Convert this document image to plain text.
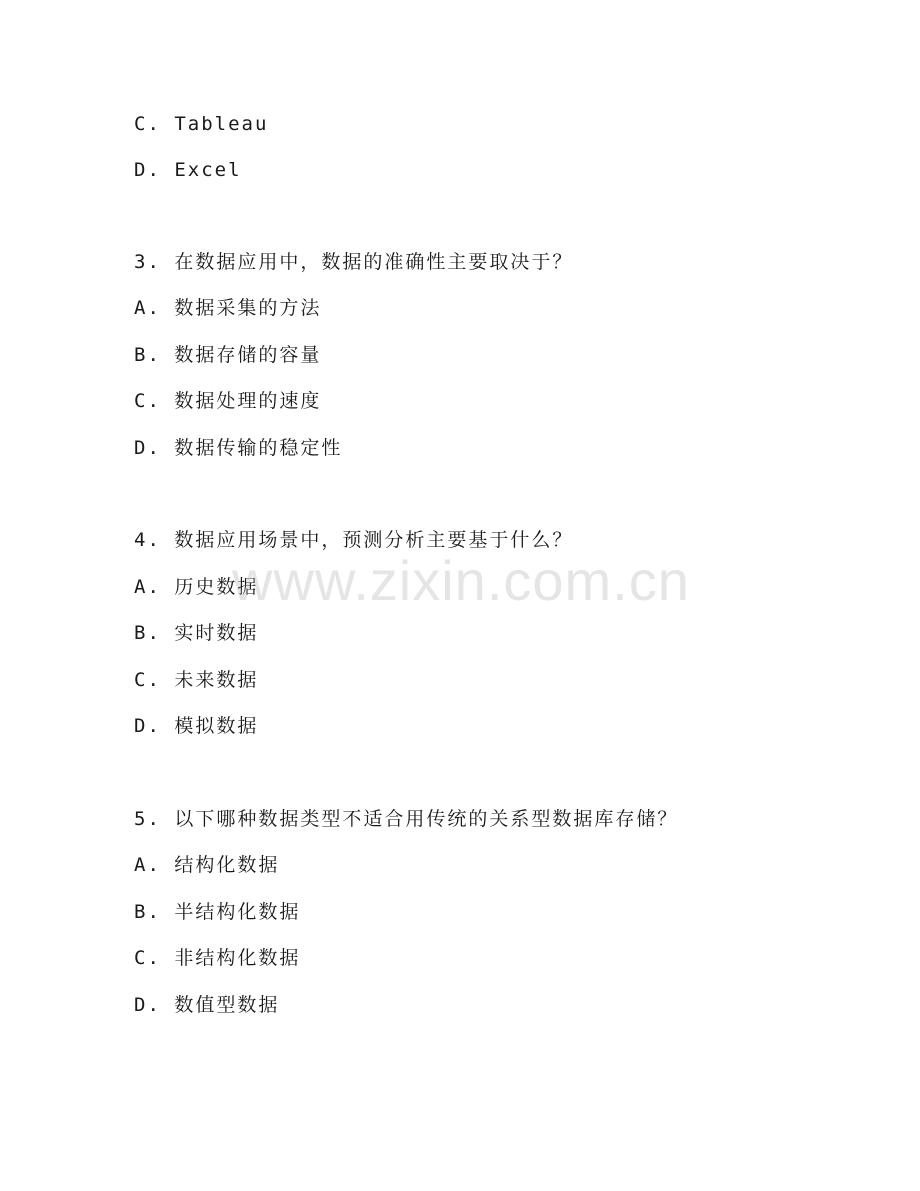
C. Tableau
D. Excel
3. 在数据应用中，数据的准确性主要取决于？
A. 数据采集的方法
B. 数据存储的容量
C. 数据处理的速度
D. 数据传输的稳定性
4. 数据应用场景中，预测分析主要基于什么？
A. 历史数据
B. 实时数据
C. 未来数据
D. 模拟数据
5. 以下哪种数据类型不适合用传统的关系型数据库存储？
A. 结构化数据
B. 半结构化数据
C. 非结构化数据
D. 数值型数据
www.zixin.com.cn
